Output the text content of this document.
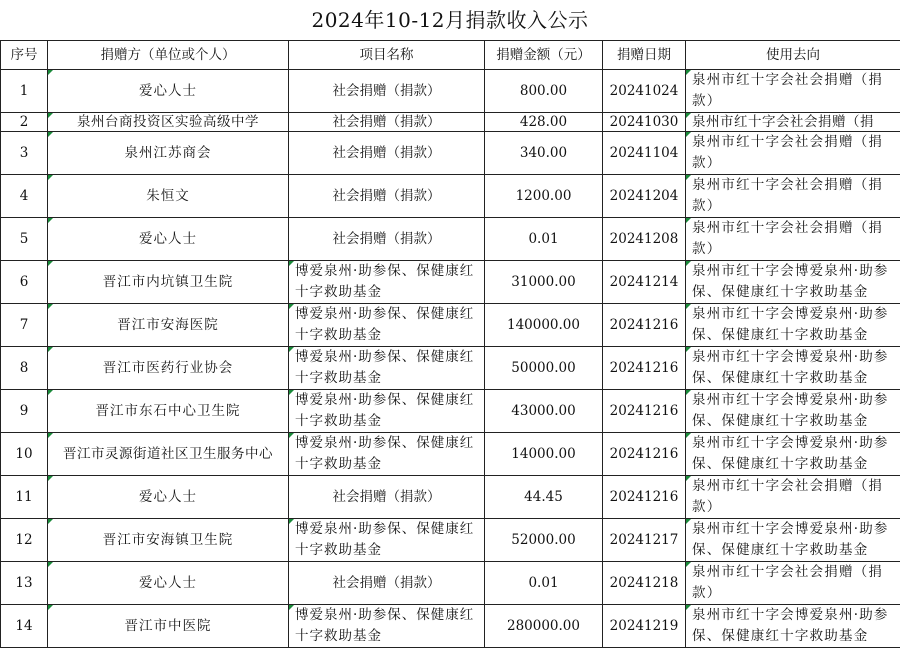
2024年10-12月捐款收入公示
序号	捐赠方（单位或个人）	项目名称	捐赠金额（元）	捐赠日期	使用去向
1	爱心人士	社会捐赠（捐款）	800.00	20241024	泉州市红十字会社会捐赠（捐款）
2	泉州台商投资区实验高级中学	社会捐赠（捐款）	428.00	20241030	泉州市红十字会社会捐赠（捐
3	泉州江苏商会	社会捐赠（捐款）	340.00	20241104	泉州市红十字会社会捐赠（捐款）
4	朱恒文	社会捐赠（捐款）	1200.00	20241204	泉州市红十字会社会捐赠（捐款）
5	爱心人士	社会捐赠（捐款）	0.01	20241208	泉州市红十字会社会捐赠（捐款）
6	晋江市内坑镇卫生院	博爱泉州·助参保、保健康红十字救助基金	31000.00	20241214	泉州市红十字会博爱泉州·助参保、保健康红十字救助基金
7	晋江市安海医院	博爱泉州·助参保、保健康红十字救助基金	140000.00	20241216	泉州市红十字会博爱泉州·助参保、保健康红十字救助基金
8	晋江市医药行业协会	博爱泉州·助参保、保健康红十字救助基金	50000.00	20241216	泉州市红十字会博爱泉州·助参保、保健康红十字救助基金
9	晋江市东石中心卫生院	博爱泉州·助参保、保健康红十字救助基金	43000.00	20241216	泉州市红十字会博爱泉州·助参保、保健康红十字救助基金
10	晋江市灵源街道社区卫生服务中心	博爱泉州·助参保、保健康红十字救助基金	14000.00	20241216	泉州市红十字会博爱泉州·助参保、保健康红十字救助基金
11	爱心人士	社会捐赠（捐款）	44.45	20241216	泉州市红十字会社会捐赠（捐款）
12	晋江市安海镇卫生院	博爱泉州·助参保、保健康红十字救助基金	52000.00	20241217	泉州市红十字会博爱泉州·助参保、保健康红十字救助基金
13	爱心人士	社会捐赠（捐款）	0.01	20241218	泉州市红十字会社会捐赠（捐款）
14	晋江市中医院	博爱泉州·助参保、保健康红十字救助基金	280000.00	20241219	泉州市红十字会博爱泉州·助参保、保健康红十字救助基金
